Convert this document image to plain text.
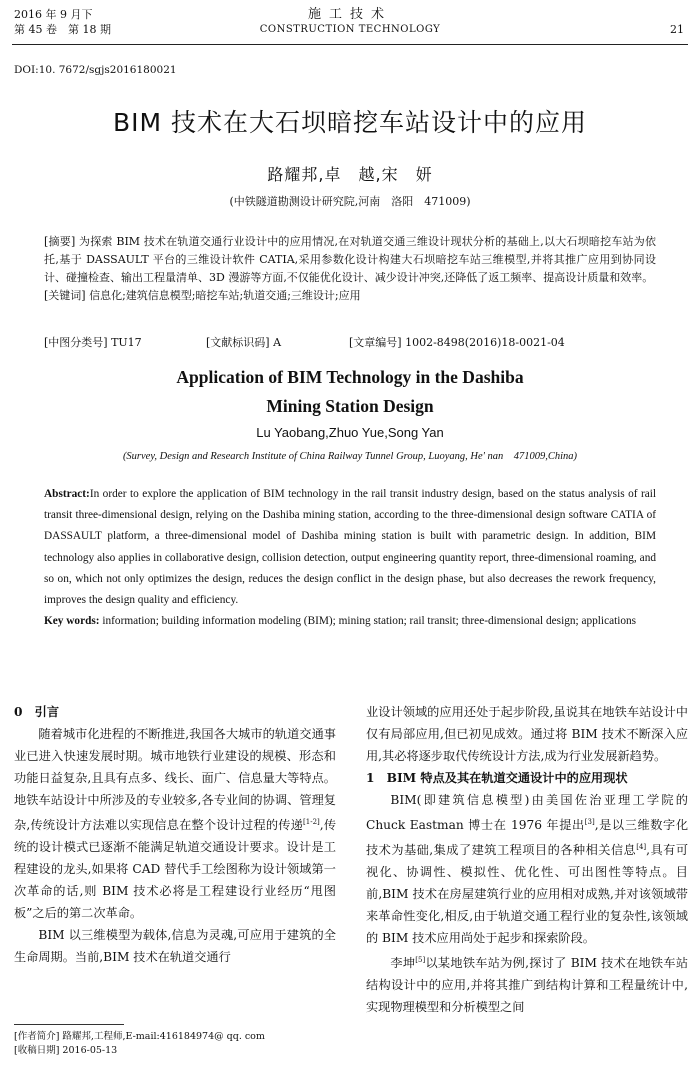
2016 年 9 月下
第 45 卷　第 18 期
施工技术
CONSTRUCTION TECHNOLOGY	21
DOI:10. 7672/sgjs2016180021
BIM 技术在大石坝暗挖车站设计中的应用
路耀邦,卓　越,宋　妍
(中铁隧道勘测设计研究院,河南　洛阳　471009)

[摘要] 为探索 BIM 技术在轨道交通行业设计中的应用情况,在对轨道交通三维设计现状分析的基础上,以大石坝暗挖车站为依托,基于 DASSAULT 平台的三维设计软件 CATIA,采用参数化设计构建大石坝暗挖车站三维模型,并将其推广应用到协同设计、碰撞检查、输出工程量清单、3D 漫游等方面,不仅能优化设计、减少设计冲突,还降低了返工频率、提高设计质量和效率。

[关键词] 信息化;建筑信息模型;暗挖车站;轨道交通;三维设计;应用

[中图分类号] TU17	[文献标识码] A	[文章编号] 1002-8498(2016)18-0021-04
Application of BIM Technology in the Dashiba
Mining Station Design
Lu Yaobang,Zhuo Yue,Song Yan
(Survey, Design and Research Institute of China Railway Tunnel Group, Luoyang, He' nan　471009,China)

Abstract:In order to explore the application of BIM technology in the rail transit industry design, based on the status analysis of rail transit three-dimensional design, relying on the Dashiba mining station, according to the three-dimensional design software CATIA of DASSAULT platform, a three-dimensional model of Dashiba mining station is built with parametric design. In addition, BIM technology also applies in collaborative design, collision detection, output engineering quantity report, three-dimensional roaming, and so on, which not only optimizes the design, reduces the design conflict in the design phase, but also decreases the rework frequency, improves the design quality and efficiency.

Key words: information; building information modeling (BIM); mining station; rail transit; three-dimensional design; applications

0　引言

随着城市化进程的不断推进,我国各大城市的轨道交通事业已进入快速发展时期。城市地铁行业建设的规模、形态和功能日益复杂,且具有点多、线长、面广、信息量大等特点。地铁车站设计中所涉及的专业较多,各专业间的协调、管理复杂,传统设计方法难以实现信息在整个设计过程的传递[1-2],传统的设计模式已逐渐不能满足轨道交通设计要求。设计是工程建设的龙头,如果将 CAD 替代手工绘图称为设计领域第一次革命的话,则 BIM 技术必将是工程建设行业经历“甩图板”之后的第二次革命。

BIM 以三维模型为载体,信息为灵魂,可应用于建筑的全生命周期。当前,BIM 技术在轨道交通行

业设计领域的应用还处于起步阶段,虽说其在地铁车站设计中仅有局部应用,但已初见成效。通过将 BIM 技术不断深入应用,其必将逐步取代传统设计方法,成为行业发展新趋势。

1　BIM 特点及其在轨道交通设计中的应用现状

BIM(即建筑信息模型)由美国佐治亚理工学院的 Chuck Eastman 博士在 1976 年提出[3],是以三维数字化技术为基础,集成了建筑工程项目的各种相关信息[4],具有可视化、协调性、模拟性、优化性、可出图性等特点。目前,BIM 技术在房屋建筑行业的应用相对成熟,并对该领域带来革命性变化,相反,由于轨道交通工程行业的复杂性,该领域的 BIM 技术应用尚处于起步和探索阶段。

李坤[5]以某地铁车站为例,探讨了 BIM 技术在地铁车站结构设计中的应用,并将其推广到结构计算和工程量统计中,实现物理模型和分析模型之间

[作者简介] 路耀邦,工程师,E-mail:416184974@ qq. com
[收稿日期] 2016-05-13
